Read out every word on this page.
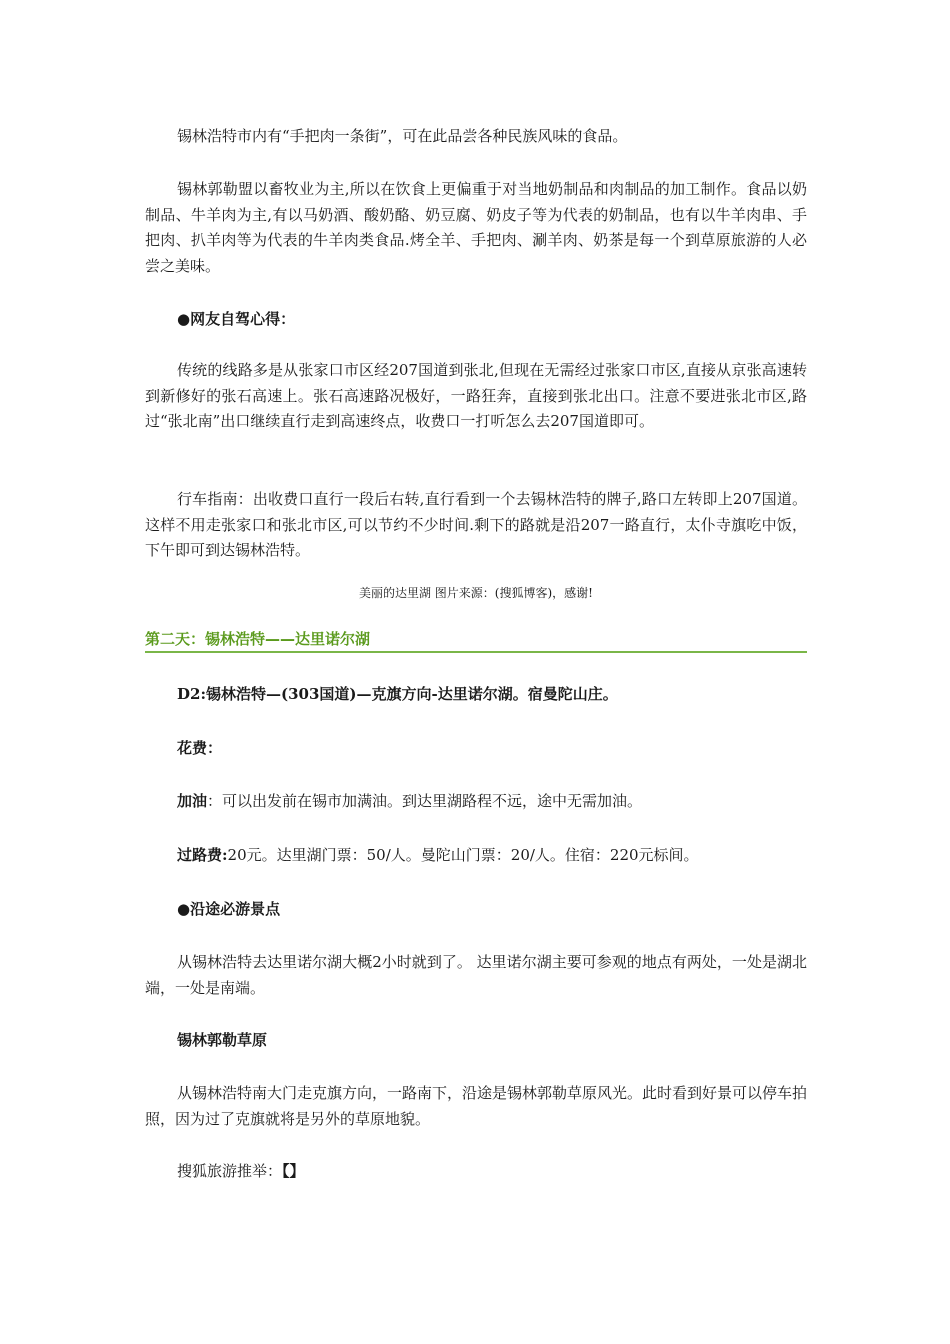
锡林浩特市内有“手把肉一条街”，可在此品尝各种民族风味的食品。

锡林郭勒盟以畜牧业为主,所以在饮食上更偏重于对当地奶制品和肉制品的加工制作。食品以奶制品、牛羊肉为主,有以马奶酒、酸奶酪、奶豆腐、奶皮子等为代表的奶制品，也有以牛羊肉串、手把肉、扒羊肉等为代表的牛羊肉类食品.烤全羊、手把肉、涮羊肉、奶茶是每一个到草原旅游的人必尝之美味。

●网友自驾心得：

传统的线路多是从张家口市区经207国道到张北,但现在无需经过张家口市区,直接从京张高速转到新修好的张石高速上。张石高速路况极好，一路狂奔，直接到张北出口。注意不要进张北市区,路过“张北南”出口继续直行走到高速终点，收费口一打听怎么去207国道即可。

行车指南：出收费口直行一段后右转,直行看到一个去锡林浩特的牌子,路口左转即上207国道。这样不用走张家口和张北市区,可以节约不少时间.剩下的路就是沿207一路直行，太仆寺旗吃中饭，下午即可到达锡林浩特。

美丽的达里湖 图片来源：(搜狐博客)，感谢!

第二天：锡林浩特——达里诺尔湖

D2:锡林浩特—(303国道)—克旗方向-达里诺尔湖。宿曼陀山庄。

花费：

加油：可以出发前在锡市加满油。到达里湖路程不远，途中无需加油。

过路费:20元。达里湖门票：50/人。曼陀山门票：20/人。住宿：220元标间。

●沿途必游景点

从锡林浩特去达里诺尔湖大概2小时就到了。 达里诺尔湖主要可参观的地点有两处，一处是湖北端，一处是南端。

锡林郭勒草原

从锡林浩特南大门走克旗方向，一路南下，沿途是锡林郭勒草原风光。此时看到好景可以停车拍照，因为过了克旗就将是另外的草原地貌。

搜狐旅游推举：【】
